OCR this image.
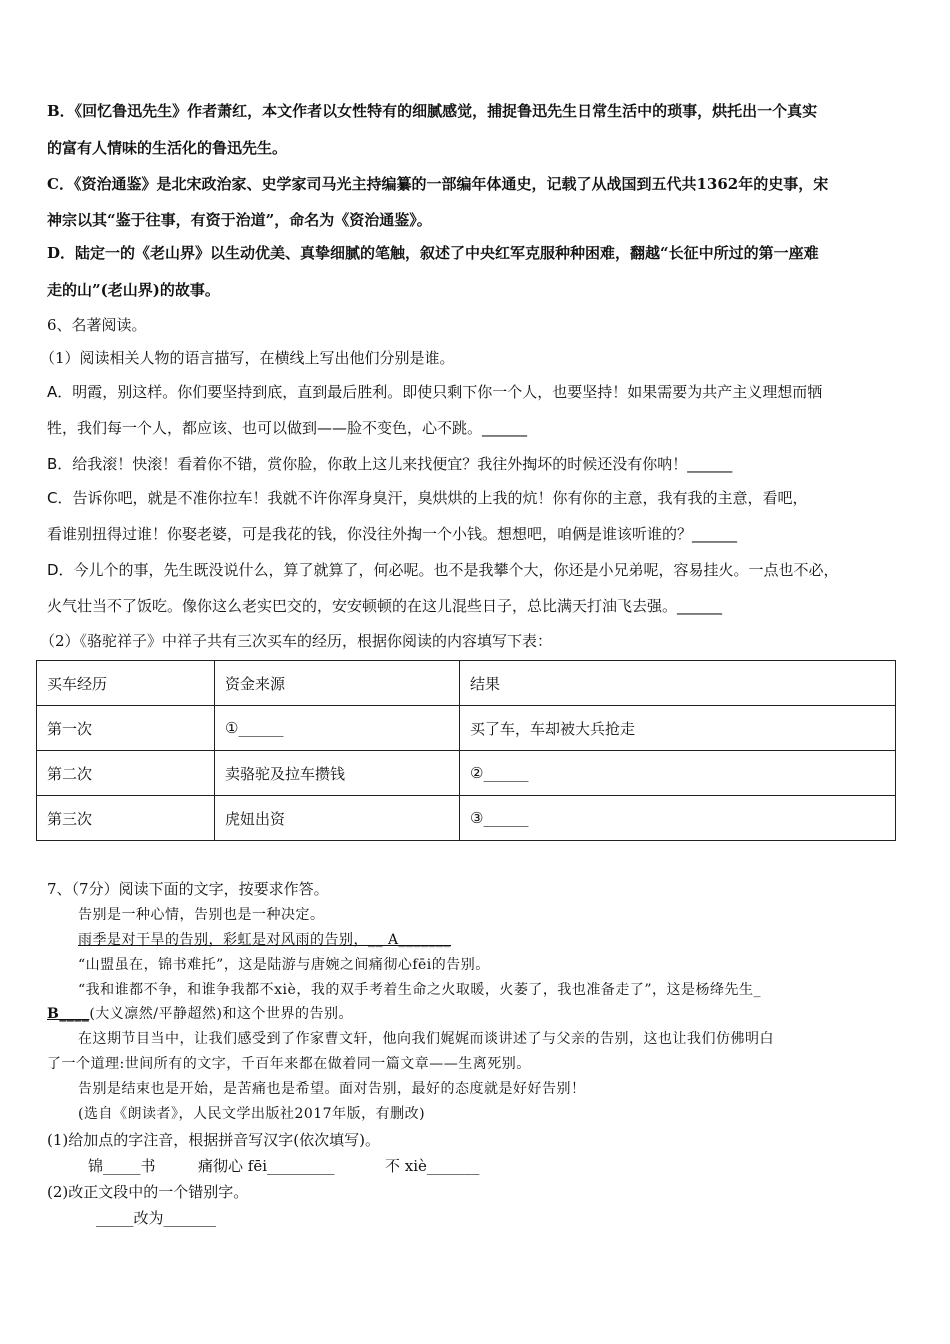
B．《回忆鲁迅先生》作者萧红，本文作者以女性特有的细腻感觉，捕捉鲁迅先生日常生活中的琐事，烘托出一个真实
的富有人情味的生活化的鲁迅先生。
C．《资治通鉴》是北宋政治家、史学家司马光主持编纂的一部编年体通史，记载了从战国到五代共1362年的史事，宋
神宗以其“鉴于往事，有资于治道”，命名为《资治通鉴》。
D．陆定一的《老山界》以生动优美、真挚细腻的笔触，叙述了中央红军克服种种困难，翻越“长征中所过的第一座难
走的山”(老山界)的故事。
6、名著阅读。
（1）阅读相关人物的语言描写，在横线上写出他们分别是谁。
A．明霞，别这样。你们要坚持到底，直到最后胜利。即使只剩下你一个人，也要坚持！如果需要为共产主义理想而牺
牲，我们每一个人，都应该、也可以做到——脸不变色，心不跳。______
B．给我滚！快滚！看着你不错，赏你脸，你敢上这儿来找便宜？我往外掏坏的时候还没有你呐！______
C．告诉你吧，就是不准你拉车！我就不许你浑身臭汗，臭烘烘的上我的炕！你有你的主意，我有我的主意，看吧，
看谁别扭得过谁！你娶老婆，可是我花的钱，你没往外掏一个小钱。想想吧，咱俩是谁该听谁的？______
D．今儿个的事，先生既没说什么，算了就算了，何必呢。也不是我攀个大，你还是小兄弟呢，容易挂火。一点也不必，
火气壮当不了饭吃。像你这么老实巴交的，安安顿顿的在这儿混些日子，总比满天打油飞去强。______
（2）《骆驼祥子》中祥子共有三次买车的经历，根据你阅读的内容填写下表：
买车经历	资金来源	结果
第一次	①______	买了车，车却被大兵抢走
第二次	卖骆驼及拉车攒钱	②______
第三次	虎妞出资	③______
7、（7分）阅读下面的文字，按要求作答。
告别是一种心情，告别也是一种决定。
雨季是对干旱的告别，彩虹是对风雨的告别，__ A_______
“山盟虽在，锦书难托”，这是陆游与唐婉之间痛彻心fēi的告别。
“我和谁都不争，和谁争我都不xiè，我的双手考着生命之火取暖，火萎了，我也准备走了”，这是杨绛先生_
B____(大义凛然/平静超然)和这个世界的告别。
在这期节目当中，让我们感受到了作家曹文轩，他向我们娓娓而谈讲述了与父亲的告别，这也让我们仿佛明白
了一个道理:世间所有的文字，千百年来都在做着同一篇文章——生离死别。
告别是结束也是开始，是苦痛也是希望。面对告别，最好的态度就是好好告别！
(选自《朗读者》，人民文学出版社2017年版，有删改)
(1)给加点的字注音，根据拼音写汉字(依次填写)。
锦_____书	痛彻心 fēi_________	不 xiè_______
(2)改正文段中的一个错别字。
_____改为_______
